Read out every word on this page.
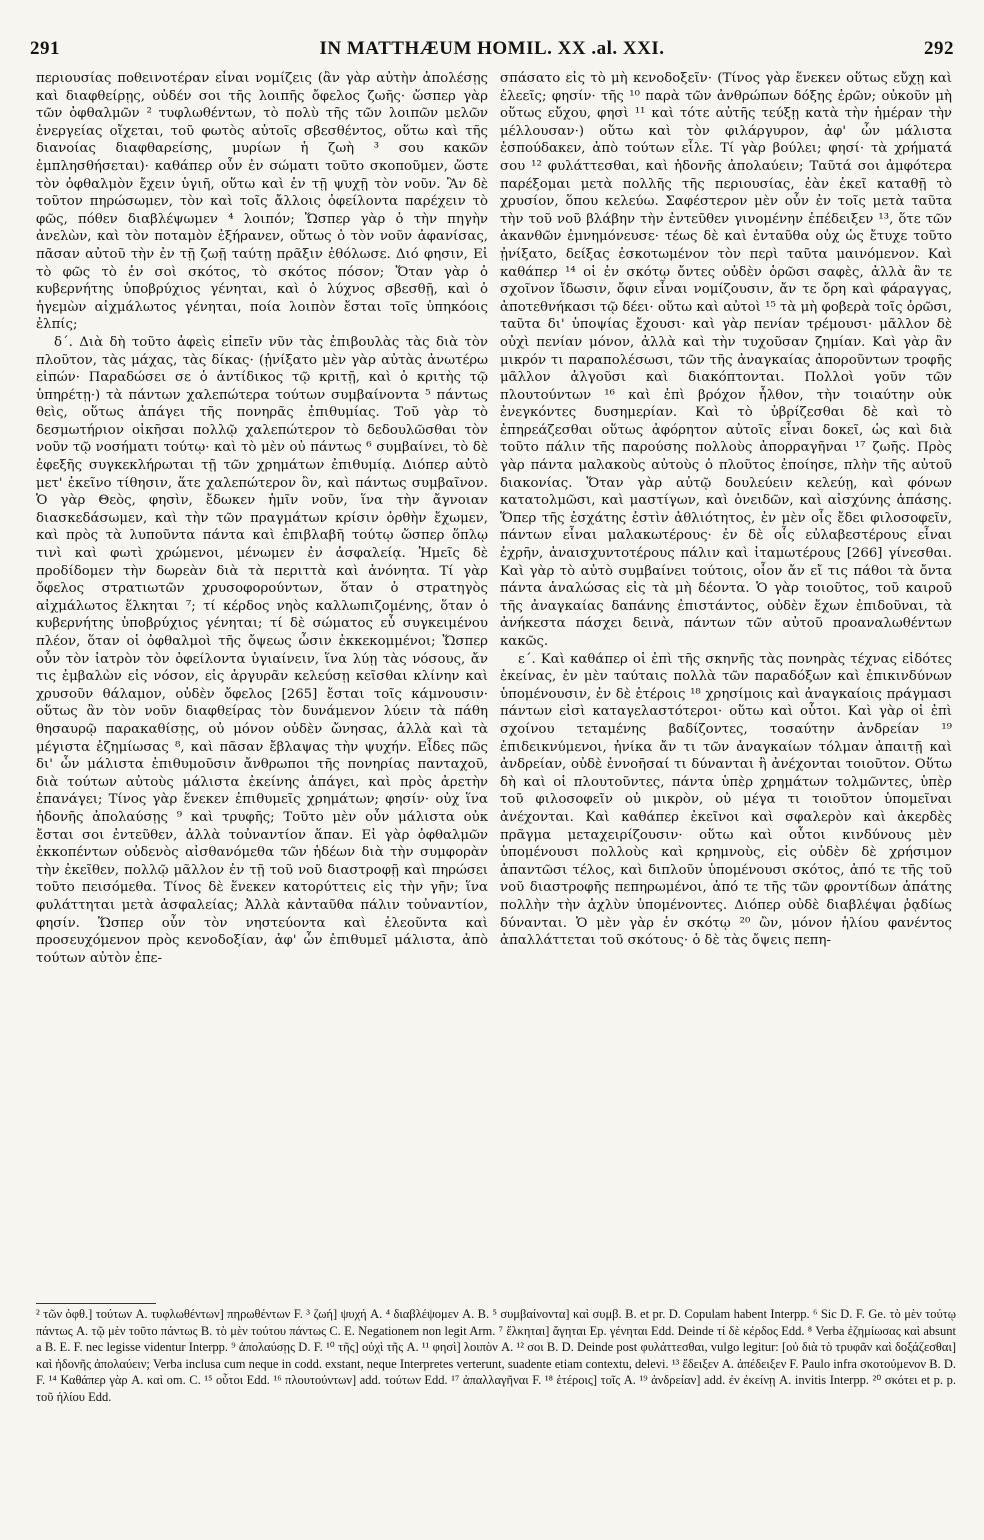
291	IN MATTHÆUM HOMIL. XX .al. XXI.	292

περιουσίας ποθεινοτέραν εἶναι νομίζεις (ἂν γὰρ αὐτὴν ἀπολέσῃς καὶ διαφθείρῃς, οὐδέν σοι τῆς λοιπῆς ὄφελος ζωῆς· ὥσπερ γὰρ τῶν ὀφθαλμῶν ² τυφλωθέντων, τὸ πολὺ τῆς τῶν λοιπῶν μελῶν ἐνεργείας οἴχεται, τοῦ φωτὸς αὐτοῖς σβεσθέντος, οὕτω καὶ τῆς διανοίας διαφθαρείσης, μυρίων ἡ ζωὴ ³ σου κακῶν ἐμπλησθήσεται)· καθάπερ οὖν ἐν σώματι τοῦτο σκοποῦμεν, ὥστε τὸν ὀφθαλμὸν ἔχειν ὑγιῆ, οὕτω καὶ ἐν τῇ ψυχῇ τὸν νοῦν. Ἂν δὲ τοῦτον πηρώσωμεν, τὸν καὶ τοῖς ἄλλοις ὀφείλοντα παρέχειν τὸ φῶς, πόθεν διαβλέψωμεν ⁴ λοιπόν; Ὥσπερ γὰρ ὁ τὴν πηγὴν ἀνελὼν, καὶ τὸν ποταμὸν ἐξήρανεν, οὕτως ὁ τὸν νοῦν ἀφανίσας, πᾶσαν αὐτοῦ τὴν ἐν τῇ ζωῇ ταύτῃ πρᾶξιν ἐθόλωσε. Διό φησιν, Εἰ τὸ φῶς τὸ ἐν σοὶ σκότος, τὸ σκότος πόσον; Ὅταν γὰρ ὁ κυβερνήτης ὑποβρύχιος γένηται, καὶ ὁ λύχνος σβεσθῇ, καὶ ὁ ἡγεμὼν αἰχμάλωτος γένηται, ποία λοιπὸν ἔσται τοῖς ὑπηκόοις ἐλπίς;

δ΄. Διὰ δὴ τοῦτο ἀφεὶς εἰπεῖν νῦν τὰς ἐπιβουλὰς τὰς διὰ τὸν πλοῦτον, τὰς μάχας, τὰς δίκας· (ᾐνίξατο μὲν γὰρ αὐτὰς ἀνωτέρω εἰπών· Παραδώσει σε ὁ ἀντίδικος τῷ κριτῇ, καὶ ὁ κριτὴς τῷ ὑπηρέτῃ·) τὰ πάντων χαλεπώτερα τούτων συμβαίνοντα ⁵ πάντως θεὶς, οὕτως ἀπάγει τῆς πονηρᾶς ἐπιθυμίας. Τοῦ γὰρ τὸ δεσμωτήριον οἰκῆσαι πολλῷ χαλεπώτερον τὸ δεδουλῶσθαι τὸν νοῦν τῷ νοσήματι τούτῳ· καὶ τὸ μὲν οὐ πάντως ⁶ συμβαίνει, τὸ δὲ ἐφεξῆς συγκεκλήρωται τῇ τῶν χρημάτων ἐπιθυμίᾳ. Διόπερ αὐτὸ μετ' ἐκεῖνο τίθησιν, ἅτε χαλεπώτερον ὂν, καὶ πάντως συμβαῖνον. Ὁ γὰρ Θεὸς, φησὶν, ἔδωκεν ἡμῖν νοῦν, ἵνα τὴν ἄγνοιαν διασκεδάσωμεν, καὶ τὴν τῶν πραγμάτων κρίσιν ὀρθὴν ἔχωμεν, καὶ πρὸς τὰ λυποῦντα πάντα καὶ ἐπιβλαβῆ τούτῳ ὥσπερ ὅπλῳ τινὶ καὶ φωτὶ χρώμενοι, μένωμεν ἐν ἀσφαλείᾳ. Ἡμεῖς δὲ προδίδομεν τὴν δωρεὰν διὰ τὰ περιττὰ καὶ ἀνόνητα. Τί γὰρ ὄφελος στρατιωτῶν χρυσοφορούντων, ὅταν ὁ στρατηγὸς αἰχμάλωτος ἕλκηται ⁷; τί κέρδος νηὸς καλλωπιζομένης, ὅταν ὁ κυβερνήτης ὑποβρύχιος γένηται; τί δὲ σώματος εὖ συγκειμένου πλέον, ὅταν οἱ ὀφθαλμοὶ τῆς ὄψεως ὦσιν ἐκκεκομμένοι; Ὥσπερ οὖν τὸν ἰατρὸν τὸν ὀφείλοντα ὑγιαίνειν, ἵνα λύῃ τὰς νόσους, ἄν τις ἐμβαλὼν εἰς νόσον, εἰς ἀργυρᾶν κελεύσῃ κεῖσθαι κλίνην καὶ χρυσοῦν θάλαμον, οὐδὲν ὄφελος [265] ἔσται τοῖς κάμνουσιν· οὕτως ἂν τὸν νοῦν διαφθείρας τὸν δυνάμενον λύειν τὰ πάθη θησαυρῷ παρακαθίσῃς, οὐ μόνον οὐδὲν ὤνησας, ἀλλὰ καὶ τὰ μέγιστα ἐζημίωσας ⁸, καὶ πᾶσαν ἔβλαψας τὴν ψυχήν. Εἶδες πῶς δι' ὧν μάλιστα ἐπιθυμοῦσιν ἄνθρωποι τῆς πονηρίας πανταχοῦ, διὰ τούτων αὐτοὺς μάλιστα ἐκείνης ἀπάγει, καὶ πρὸς ἀρετὴν ἐπανάγει; Τίνος γὰρ ἕνεκεν ἐπιθυμεῖς χρημάτων; φησίν· οὐχ ἵνα ἡδονῆς ἀπολαύσῃς ⁹ καὶ τρυφῆς; Τοῦτο μὲν οὖν μάλιστα οὐκ ἔσται σοι ἐντεῦθεν, ἀλλὰ τοὐναντίον ἅπαν. Εἰ γὰρ ὀφθαλμῶν ἐκκοπέντων οὐδενὸς αἰσθανόμεθα τῶν ἡδέων διὰ τὴν συμφορὰν τὴν ἐκεῖθεν, πολλῷ μᾶλλον ἐν τῇ τοῦ νοῦ διαστροφῇ καὶ πηρώσει τοῦτο πεισόμεθα. Τίνος δὲ ἕνεκεν κατορύττεις εἰς τὴν γῆν; ἵνα φυλάττηται μετὰ ἀσφαλείας; Ἀλλὰ κἀνταῦθα πάλιν τοὐναντίον, φησίν. Ὥσπερ οὖν τὸν νηστεύοντα καὶ ἐλεοῦντα καὶ προσευχόμενον πρὸς κενοδοξίαν, ἀφ' ὧν ἐπιθυμεῖ μάλιστα, ἀπὸ τούτων αὐτὸν ἐπε-

σπάσατο εἰς τὸ μὴ κενοδοξεῖν· (Τίνος γὰρ ἕνεκεν οὕτως εὔχῃ καὶ ἐλεεῖς; φησίν· τῆς ¹⁰ παρὰ τῶν ἀνθρώπων δόξης ἐρῶν; οὐκοῦν μὴ οὕτως εὔχου, φησὶ ¹¹ καὶ τότε αὐτῆς τεύξῃ κατὰ τὴν ἡμέραν τὴν μέλλουσαν·) οὕτω καὶ τὸν φιλάργυρον, ἀφ' ὧν μάλιστα ἐσπούδακεν, ἀπὸ τούτων εἷλε. Τί γὰρ βούλει; φησί· τὰ χρήματά σου ¹² φυλάττεσθαι, καὶ ἡδονῆς ἀπολαύειν; Ταῦτά σοι ἀμφότερα παρέξομαι μετὰ πολλῆς τῆς περιουσίας, ἐὰν ἐκεῖ καταθῇ τὸ χρυσίον, ὅπου κελεύω. Σαφέστερον μὲν οὖν ἐν τοῖς μετὰ ταῦτα τὴν τοῦ νοῦ βλάβην τὴν ἐντεῦθεν γινομένην ἐπέδειξεν ¹³, ὅτε τῶν ἀκανθῶν ἐμνημόνευσε· τέως δὲ καὶ ἐνταῦθα οὐχ ὡς ἔτυχε τοῦτο ᾐνίξατο, δείξας ἐσκοτωμένον τὸν περὶ ταῦτα μαινόμενον. Καὶ καθάπερ ¹⁴ οἱ ἐν σκότῳ ὄντες οὐδὲν ὁρῶσι σαφὲς, ἀλλὰ ἂν τε σχοῖνον ἴδωσιν, ὄφιν εἶναι νομίζουσιν, ἄν τε ὄρη καὶ φάραγγας, ἀποτεθνήκασι τῷ δέει· οὕτω καὶ αὐτοὶ ¹⁵ τὰ μὴ φοβερὰ τοῖς ὁρῶσι, ταῦτα δι' ὑποψίας ἔχουσι· καὶ γὰρ πενίαν τρέμουσι· μᾶλλον δὲ οὐχὶ πενίαν μόνον, ἀλλὰ καὶ τὴν τυχοῦσαν ζημίαν. Καὶ γὰρ ἂν μικρόν τι παραπολέσωσι, τῶν τῆς ἀναγκαίας ἀποροῦντων τροφῆς μᾶλλον ἀλγοῦσι καὶ διακόπτονται. Πολλοὶ γοῦν τῶν πλουτούντων ¹⁶ καὶ ἐπὶ βρόχον ἦλθον, τὴν τοιαύτην οὐκ ἐνεγκόντες δυσημερίαν. Καὶ τὸ ὑβρίζεσθαι δὲ καὶ τὸ ἐπηρεάζεσθαι οὕτως ἀφόρητον αὐτοῖς εἶναι δοκεῖ, ὡς καὶ διὰ τοῦτο πάλιν τῆς παρούσης πολλοὺς ἀπορραγῆναι ¹⁷ ζωῆς. Πρὸς γὰρ πάντα μαλακοὺς αὐτοὺς ὁ πλοῦτος ἐποίησε, πλὴν τῆς αὐτοῦ διακονίας. Ὅταν γὰρ αὐτῷ δουλεύειν κελεύῃ, καὶ φόνων κατατολμῶσι, καὶ μαστίγων, καὶ ὀνειδῶν, καὶ αἰσχύνης ἁπάσης. Ὅπερ τῆς ἐσχάτης ἐστὶν ἀθλιότητος, ἐν μὲν οἷς ἔδει φιλοσοφεῖν, πάντων εἶναι μαλακωτέρους· ἐν δὲ οἷς εὐλαβεστέρους εἶναι ἐχρῆν, ἀναισχυντοτέρους πάλιν καὶ ἰταμωτέρους [266] γίνεσθαι. Καὶ γὰρ τὸ αὐτὸ συμβαίνει τούτοις, οἷον ἄν εἴ τις πάθοι τὰ ὄντα πάντα ἀναλώσας εἰς τὰ μὴ δέοντα. Ὁ γὰρ τοιοῦτος, τοῦ καιροῦ τῆς ἀναγκαίας δαπάνης ἐπιστάντος, οὐδὲν ἔχων ἐπιδοῦναι, τὰ ἀνήκεστα πάσχει δεινὰ, πάντων τῶν αὐτοῦ προαναλωθέντων κακῶς.

ε΄. Καὶ καθάπερ οἱ ἐπὶ τῆς σκηνῆς τὰς πονηρὰς τέχνας εἰδότες ἐκείνας, ἐν μὲν ταύταις πολλὰ τῶν παραδόξων καὶ ἐπικινδύνων ὑπομένουσιν, ἐν δὲ ἑτέροις ¹⁸ χρησίμοις καὶ ἀναγκαίοις πράγμασι πάντων εἰσὶ καταγελαστότεροι· οὕτω καὶ οὗτοι. Καὶ γὰρ οἱ ἐπὶ σχοίνου τεταμένης βαδίζοντες, τοσαύτην ἀνδρείαν ¹⁹ ἐπιδεικνύμενοι, ἡνίκα ἄν τι τῶν ἀναγκαίων τόλμαν ἀπαιτῇ καὶ ἀνδρείαν, οὐδὲ ἐννοῆσαί τι δύνανται ἢ ἀνέχονται τοιοῦτον. Οὕτω δὴ καὶ οἱ πλουτοῦντες, πάντα ὑπὲρ χρημάτων τολμῶντες, ὑπὲρ τοῦ φιλοσοφεῖν οὐ μικρὸν, οὐ μέγα τι τοιοῦτον ὑπομεῖναι ἀνέχονται. Καὶ καθάπερ ἐκεῖνοι καὶ σφαλερὸν καὶ ἀκερδὲς πρᾶγμα μεταχειρίζουσιν· οὕτω καὶ οὗτοι κινδύνους μὲν ὑπομένουσι πολλοὺς καὶ κρημνοὺς, εἰς οὐδὲν δὲ χρήσιμον ἀπαντῶσι τέλος, καὶ διπλοῦν ὑπομένουσι σκότος, ἀπό τε τῆς τοῦ νοῦ διαστροφῆς πεπηρωμένοι, ἀπό τε τῆς τῶν φροντίδων ἀπάτης πολλὴν τὴν ἀχλὺν ὑπομένοντες. Διόπερ οὐδὲ διαβλέψαι ῥᾳδίως δύνανται. Ὁ μὲν γὰρ ἐν σκότῳ ²⁰ ὢν, μόνον ἡλίου φανέντος ἀπαλλάττεται τοῦ σκότους· ὁ δὲ τὰς ὄψεις πεπη-

² τῶν ὀφθ.] τούτων A. τυφλωθέντων] πηρωθέντων F. ³ ζωή] ψυχή A. ⁴ διαβλέψομεν A. B. ⁵ συμβαίνοντα] καὶ συμβ. B. et pr. D. Copulam habent Interpp. ⁶ Sic D. F. Ge. τὸ μὲν τούτῳ πάντως A. τῷ μὲν τοῦτο πάντως B. τὸ μὲν τούτου πάντως C. E. Negationem non legit Arm. ⁷ ἕλκηται] ἄγηται Ep. γένηται Edd. Deinde τί δὲ κέρδος Edd. ⁸ Verba ἐζημίωσας καὶ absunt a B. E. F. nec legisse videntur Interpp. ⁹ ἀπολαύσῃς D. F. ¹⁰ τῆς] οὐχὶ τῆς A. ¹¹ φησὶ] λοιπὸν A. ¹² σοι B. D. Deinde post φυλάττεσθαι, vulgo legitur: [οὐ διὰ τὸ τρυφᾶν καὶ δοξάζεσθαι] καὶ ἡδονῆς ἀπολαύειν; Verba inclusa cum neque in codd. exstant, neque Interpretes verterunt, suadente etiam contextu, delevi. ¹³ ἔδειξεν A. ἀπέδειξεν F. Paulo infra σκοτούμενον B. D. F. ¹⁴ Καθάπερ γὰρ A. καὶ om. C. ¹⁵ οὗτοι Edd. ¹⁶ πλουτούντων] add. τούτων Edd. ¹⁷ ἀπαλλαγῆναι F. ¹⁸ ἑτέροις] τοῖς A. ¹⁹ ἀνδρείαν] add. ἐν ἐκείνῃ A. invitis Interpp. ²⁰ σκότει et p. p. τοῦ ἡλίου Edd.
